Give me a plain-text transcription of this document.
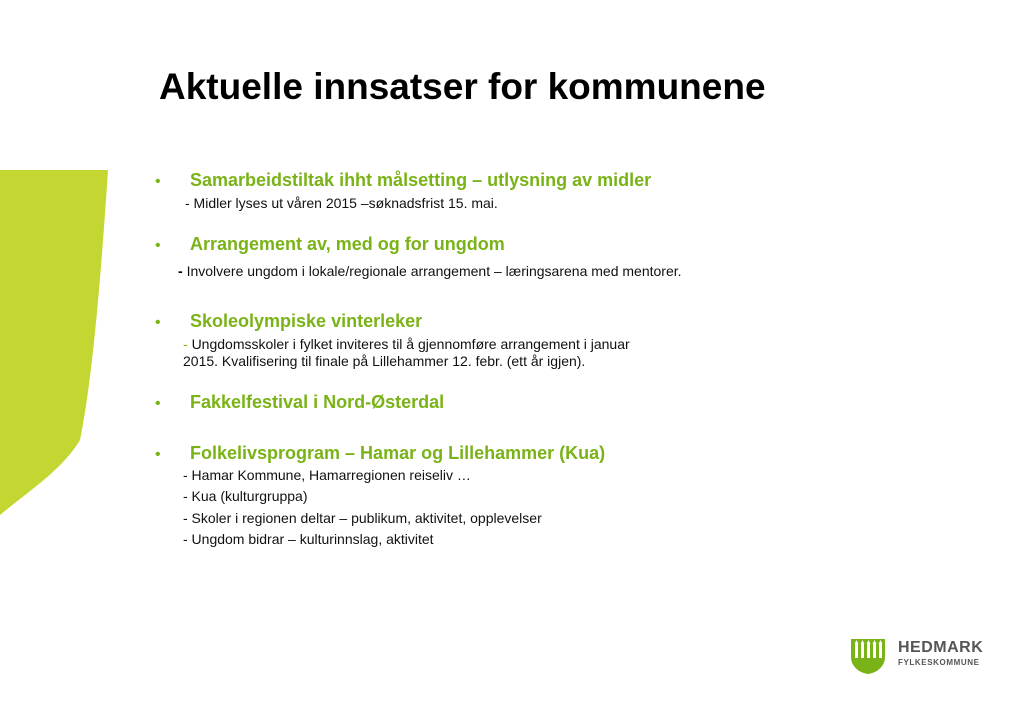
Aktuelle innsatser for kommunene
• Samarbeidstiltak ihht målsetting – utlysning av midler
- Midler lyses ut våren 2015 –søknadsfrist 15. mai.
• Arrangement av, med og for ungdom
- Involvere ungdom i lokale/regionale arrangement – læringsarena med mentorer.
• Skoleolympiske vinterleker
- Ungdomsskoler i fylket inviteres til å gjennomføre arrangement i januar
2015. Kvalifisering til finale på Lillehammer 12. febr. (ett år igjen).
• Fakkelfestival i Nord-Østerdal
• Folkelivsprogram – Hamar og Lillehammer (Kua)
- Hamar Kommune, Hamarregionen reiseliv …
- Kua (kulturgruppa)
- Skoler i regionen deltar – publikum, aktivitet, opplevelser
- Ungdom bidrar – kulturinnslag, aktivitet
HEDMARK
FYLKESKOMMUNE
